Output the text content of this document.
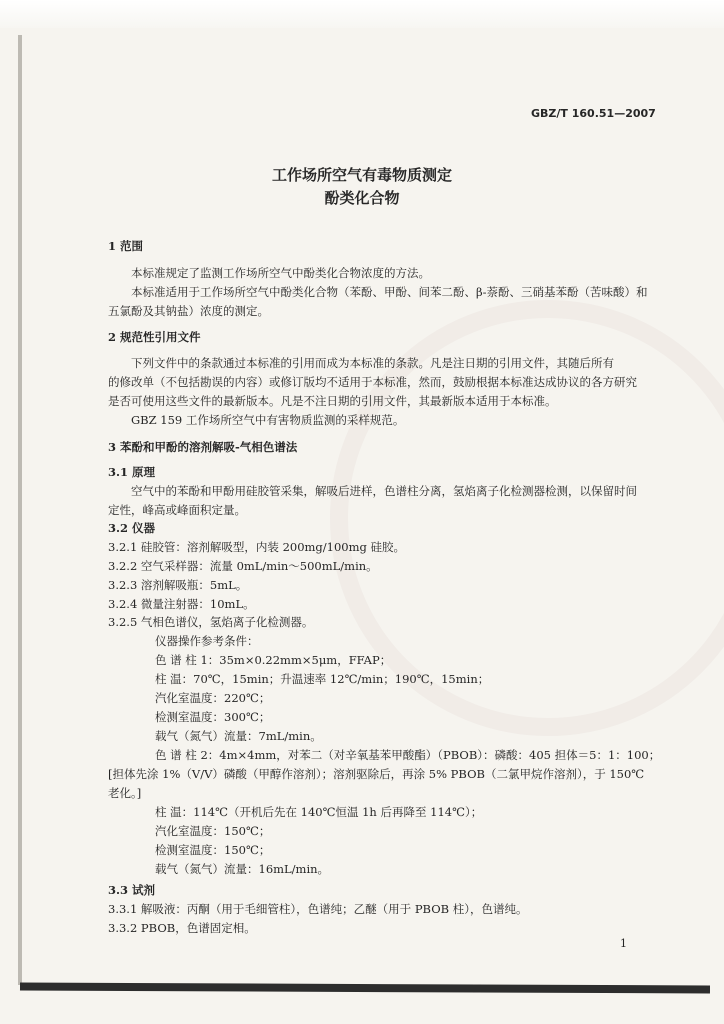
GBZ/T 160.51—2007
工作场所空气有毒物质测定
酚类化合物
1 范围
本标准规定了监测工作场所空气中酚类化合物浓度的方法。
本标准适用于工作场所空气中酚类化合物（苯酚、甲酚、间苯二酚、β-萘酚、三硝基苯酚（苦味酸）和
五氯酚及其钠盐）浓度的测定。
2 规范性引用文件
下列文件中的条款通过本标准的引用而成为本标准的条款。凡是注日期的引用文件，其随后所有
的修改单（不包括勘误的内容）或修订版均不适用于本标准，然而，鼓励根据本标准达成协议的各方研究
是否可使用这些文件的最新版本。凡是不注日期的引用文件，其最新版本适用于本标准。
GBZ 159 工作场所空气中有害物质监测的采样规范。
3 苯酚和甲酚的溶剂解吸-气相色谱法
3.1 原理
空气中的苯酚和甲酚用硅胶管采集，解吸后进样，色谱柱分离，氢焰离子化检测器检测，以保留时间
定性，峰高或峰面积定量。
3.2 仪器
3.2.1 硅胶管：溶剂解吸型，内装 200mg/100mg 硅胶。
3.2.2 空气采样器：流量 0mL/min～500mL/min。
3.2.3 溶剂解吸瓶：5mL。
3.2.4 微量注射器：10mL。
3.2.5 气相色谱仪，氢焰离子化检测器。
仪器操作参考条件：
色 谱 柱 1：35m×0.22mm×5μm，FFAP；
柱 温：70℃，15min；升温速率 12℃/min；190℃，15min；
汽化室温度：220℃；
检测室温度：300℃；
载气（氮气）流量：7mL/min。
色 谱 柱 2：4m×4mm，对苯二（对辛氧基苯甲酸酯）（PBOB）：磷酸：405 担体＝5：1：100；
[担体先涂 1%（V/V）磷酸（甲醇作溶剂）；溶剂驱除后，再涂 5% PBOB（二氯甲烷作溶剂），于 150℃
老化。]
柱 温：114℃（开机后先在 140℃恒温 1h 后再降至 114℃）；
汽化室温度：150℃；
检测室温度：150℃；
载气（氮气）流量：16mL/min。
3.3 试剂
3.3.1 解吸液：丙酮（用于毛细管柱），色谱纯；乙醚（用于 PBOB 柱），色谱纯。
3.3.2 PBOB，色谱固定相。
1
